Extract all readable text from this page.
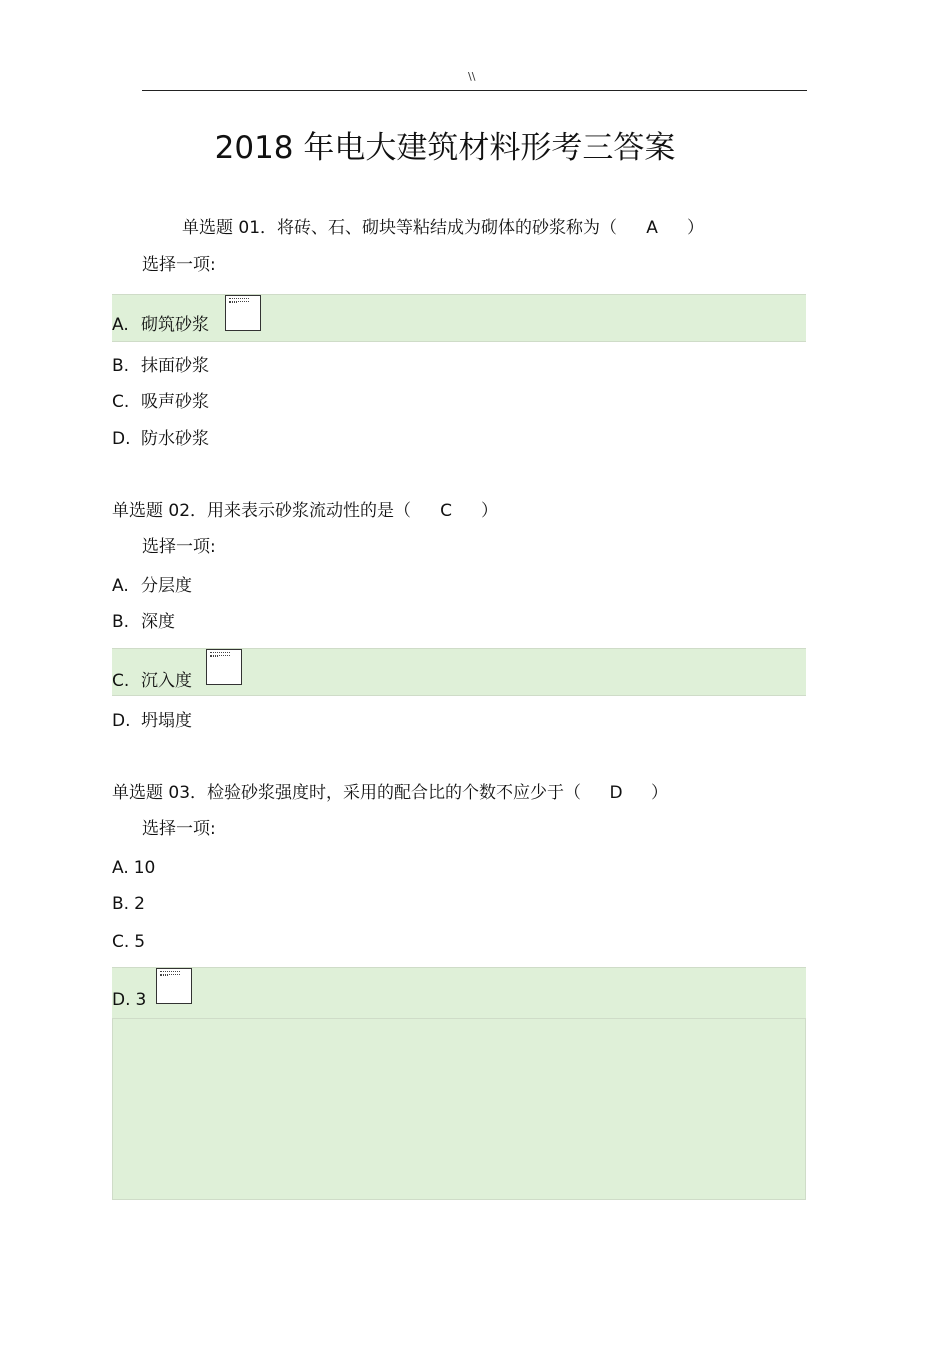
\\
2018 年电大建筑材料形考三答案
单选题 01．将砖、石、砌块等粘结成为砌体的砂浆称为（ A ）
选择一项:
A. 砌筑砂浆
B. 抹面砂浆
C. 吸声砂浆
D. 防水砂浆
单选题 02．用来表示砂浆流动性的是（ C ）
选择一项:
A. 分层度
B. 深度
C. 沉入度
D. 坍塌度
单选题 03．检验砂浆强度时，采用的配合比的个数不应少于（ D ）
选择一项:
A. 10
B. 2
C. 5
D. 3
